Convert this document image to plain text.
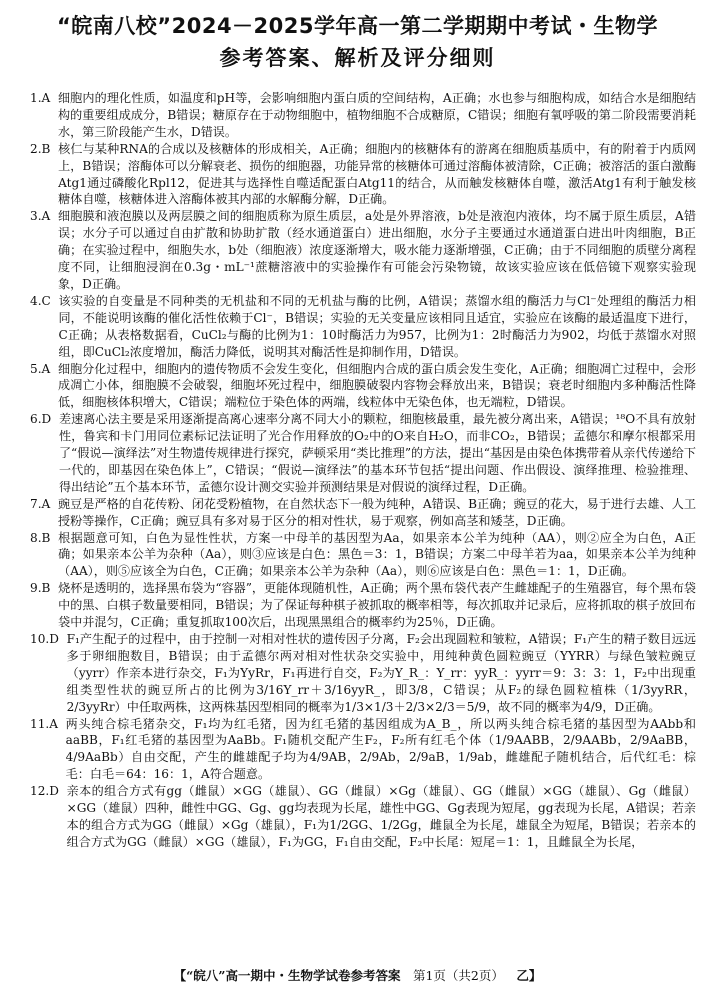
“皖南八校”2024－2025学年高一第二学期期中考试・生物学
参考答案、解析及评分细则
1.A 细胞内的理化性质，如温度和pH等，会影响细胞内蛋白质的空间结构，A正确；水也参与细胞构成，如结合水是细胞结构的重要组成成分，B错误；糖原存在于动物细胞中，植物细胞不合成糖原，C错误；细胞有氧呼吸的第二阶段需要消耗水，第三阶段能产生水，D错误。
2.B 核仁与某种RNA的合成以及核糖体的形成相关，A正确；细胞内的核糖体有的游离在细胞质基质中，有的附着于内质网上，B错误；溶酶体可以分解衰老、损伤的细胞器，功能异常的核糖体可通过溶酶体被清除，C正确；被溶活的蛋白激酶Atg1通过磷酸化Rpl12，促进其与选择性自噬适配蛋白Atg11的结合，从而触发核糖体自噬，激活Atg1有利于触发核糖体自噬，核糖体进入溶酶体被其内部的水解酶分解，D正确。
3.A 细胞膜和液泡膜以及两层膜之间的细胞质称为原生质层，a处是外界溶液，b处是液泡内液体，均不属于原生质层，A错误；水分子可以通过自由扩散和协助扩散（经水通道蛋白）进出细胞，水分子主要通过水通道蛋白进出叶肉细胞，B正确；在实验过程中，细胞失水，b处（细胞液）浓度逐渐增大，吸水能力逐渐增强，C正确；由于不同细胞的质壁分离程度不同，让细胞浸润在0.3g・mL⁻¹蔗糖溶液中的实验操作有可能会污染物镜，故该实验应该在低倍镜下观察实验现象，D正确。
4.C 该实验的自变量是不同种类的无机盐和不同的无机盐与酶的比例，A错误；蒸馏水组的酶活力与Cl⁻处理组的酶活力相同，不能说明该酶的催化活性依赖于Cl⁻，B错误；实验的无关变量应该相同且适宜，实验应在该酶的最适温度下进行，C正确；从表格数据看，CuCl₂与酶的比例为1：10时酶活力为957，比例为1：2时酶活力为902，均低于蒸馏水对照组，即CuCl₂浓度增加，酶活力降低，说明其对酶活性是抑制作用，D错误。
5.A 细胞分化过程中，细胞内的遗传物质不会发生变化，但细胞内合成的蛋白质会发生变化，A正确；细胞凋亡过程中，会形成凋亡小体，细胞膜不会破裂，细胞坏死过程中，细胞膜破裂内容物会释放出来，B错误；衰老时细胞内多种酶活性降低，细胞核体积增大，C错误；端粒位于染色体的两端，线粒体中无染色体，也无端粒，D错误。
6.D 差速离心法主要是采用逐渐提高离心速率分离不同大小的颗粒，细胞核最重，最先被分离出来，A错误；¹⁸O不具有放射性，鲁宾和卡门用同位素标记法证明了光合作用释放的O₂中的O来自H₂O，而非CO₂，B错误；孟德尔和摩尔根都采用了“假说—演绎法”对生物遗传规律进行探究，萨顿采用“类比推理”的方法，提出“基因是由染色体携带着从亲代传递给下一代的，即基因在染色体上”，C错误；“假说—演绎法”的基本环节包括“提出问题、作出假设、演绎推理、检验推理、得出结论”五个基本环节，孟德尔设计测交实验并预测结果是对假说的演绎过程，D正确。
7.A 豌豆是严格的自花传粉、闭花受粉植物，在自然状态下一般为纯种，A错误、B正确；豌豆的花大，易于进行去雄、人工授粉等操作，C正确；豌豆具有多对易于区分的相对性状，易于观察，例如高茎和矮茎，D正确。
8.B 根据题意可知，白色为显性性状，方案一中母羊的基因型为Aa，如果亲本公羊为纯种（AA），则②应全为白色，A正确；如果亲本公羊为杂种（Aa），则③应该是白色：黑色＝3：1，B错误；方案二中母羊若为aa，如果亲本公羊为纯种（AA），则⑤应该全为白色，C正确；如果亲本公羊为杂种（Aa），则⑥应该是白色：黑色＝1：1，D正确。
9.B 烧杯是透明的，选择黑布袋为“容器”，更能体现随机性，A正确；两个黑布袋代表产生雌雄配子的生殖器官，每个黑布袋中的黑、白棋子数量要相同，B错误；为了保证每种棋子被抓取的概率相等，每次抓取并记录后，应将抓取的棋子放回布袋中并混匀，C正确；重复抓取100次后，出现黑黑组合的概率约为25％，D正确。
10.D F₁产生配子的过程中，由于控制一对相对性状的遗传因子分离，F₂会出现圆粒和皱粒，A错误；F₁产生的精子数目远远多于卵细胞数目，B错误；由于孟德尔两对相对性状杂交实验中，用纯种黄色圆粒豌豆（YYRR）与绿色皱粒豌豆（yyrr）作亲本进行杂交，F₁为YyRr，F₁再进行自交，F₂为Y_R_：Y_rr：yyR_：yyrr＝9：3：3：1，F₂中出现重组类型性状的豌豆所占的比例为3/16Y_rr＋3/16yyR_，即3/8，C错误；从F₂的绿色圆粒植株（1/3yyRR，2/3yyRr）中任取两株，这两株基因型相同的概率为1/3×1/3＋2/3×2/3＝5/9，故不同的概率为4/9，D正确。
11.A 两头纯合棕毛猪杂交，F₁均为红毛猪，因为红毛猪的基因组成为A_B_，所以两头纯合棕毛猪的基因型为AAbb和aaBB，F₁红毛猪的基因型为AaBb。F₁随机交配产生F₂，F₂所有红毛个体（1/9AABB，2/9AABb，2/9AaBB，4/9AaBb）自由交配，产生的雌雄配子均为4/9AB，2/9Ab，2/9aB，1/9ab，雌雄配子随机结合，后代红毛：棕毛：白毛＝64：16：1，A符合题意。
12.D 亲本的组合方式有gg（雌鼠）×GG（雄鼠）、GG（雌鼠）×Gg（雄鼠）、GG（雌鼠）×GG（雄鼠）、Gg（雌鼠）×GG（雄鼠）四种，雌性中GG、Gg、gg均表现为长尾，雄性中GG、Gg表现为短尾，gg表现为长尾，A错误；若亲本的组合方式为GG（雌鼠）×Gg（雄鼠），F₁为1/2GG、1/2Gg，雌鼠全为长尾，雄鼠全为短尾，B错误；若亲本的组合方式为GG（雌鼠）×GG（雄鼠），F₁为GG，F₁自由交配，F₂中长尾：短尾＝1：1，且雌鼠全为长尾，
【“皖八”高一期中・生物学试卷参考答案  第1页（共2页）  乙】
